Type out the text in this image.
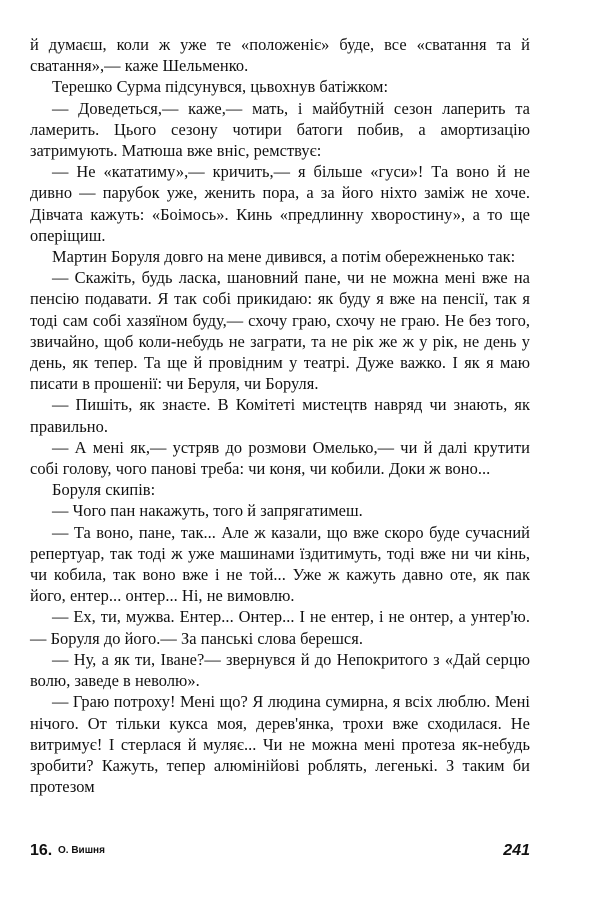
й думаєш, коли ж уже те «положеніє» буде, все «сватання та й сватання»,— каже Шельменко.

Терешко Сурма підсунувся, цьвохнув батіжком:

— Доведеться,— каже,— мать, і майбутній сезон лаперить та ламерить. Цього сезону чотири батоги побив, а амортизацію затримують. Матюша вже вніс, ремствує:

— Не «кататиму»,— кричить,— я більше «гуси»! Та воно й не дивно — парубок уже, женить пора, а за його ніхто заміж не хоче. Дівчата кажуть: «Боімось». Кинь «предлинну хворостину», а то ще оперіщиш.

Мартин Боруля довго на мене дивився, а потім обережненько так:

— Скажіть, будь ласка, шановний пане, чи не можна мені вже на пенсію подавати. Я так собі прикидаю: як буду я вже на пенсії, так я тоді сам собі хазяїном буду,— схочу граю, схочу не граю. Не без того, звичайно, щоб коли-небудь не заграти, та не рік же ж у рік, не день у день, як тепер. Та ще й провідним у театрі. Дуже важко. І як я маю писати в прошенії: чи Беруля, чи Боруля.

— Пишіть, як знаєте. В Комітеті мистецтв навряд чи знають, як правильно.

— А мені як,— устряв до розмови Омелько,— чи й далі крутити собі голову, чого панові треба: чи коня, чи кобили. Доки ж воно...

Боруля скипів:

— Чого пан накажуть, того й запрягатимеш.

— Та воно, пане, так... Але ж казали, що вже скоро буде сучасний репертуар, так тоді ж уже машинами їздитимуть, тоді вже ни чи кінь, чи кобила, так воно вже і не той... Уже ж кажуть давно оте, як пак його, ентер... онтер... Ні, не вимовлю.

— Ех, ти, мужва. Ентер... Онтер... І не ентер, і не онтер, а унтер'ю.— Боруля до його.— За панські слова берешся.

— Ну, а як ти, Іване?— звернувся й до Непокритого з «Дай серцю волю, заведе в неволю».

— Граю потроху! Мені що? Я людина сумирна, я всіх люблю. Мені нічого. От тільки кукса моя, дерев'янка, трохи вже сходилася. Не витримує! І стерлася й муляє... Чи не можна мені протеза як-небудь зробити? Кажуть, тепер алюмінійові роблять, легенькі. З таким би протезом

16. О. Вишня	241
